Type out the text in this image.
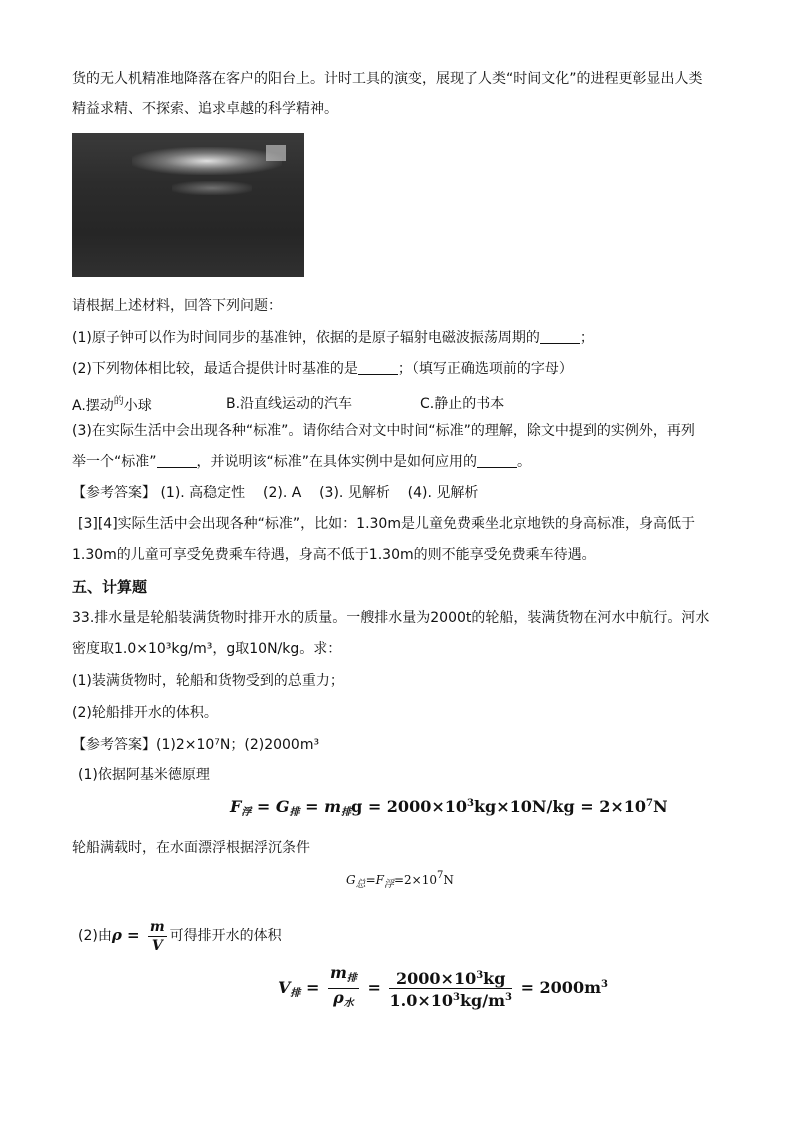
货的无人机精准地降落在客户的阳台上。计时工具的演变，展现了人类“时间文化”的进程更彰显出人类
精益求精、不探索、追求卓越的科学精神。
请根据上述材料，回答下列问题：
(1)原子钟可以作为时间同步的基准钟，依据的是原子辐射电磁波振荡周期的	；
(2)下列物体相比较，最适合提供计时基准的是	；（填写正确选项前的字母）
A.摆动$^的$小球	B.沿直线运动的汽车	C.静止的书本
(3)在实际生活中会出现各种“标准”。请你结合对文中时间“标准”的理解，除文中提到的实例外，再列
举一个“标准”	，并说明该“标准”在具体实例中是如何应用的	。
【参考答案】 (1). 高稳定性    (2). A    (3). 见解析    (4). 见解析
[3][4]实际生活中会出现各种“标准”，比如：1.30m是儿童免费乘坐北京地铁的身高标准，身高低于
1.30m的儿童可享受免费乘车待遇，身高不低于1.30m的则不能享受免费乘车待遇。
五、计算题
33.排水量是轮船装满货物时排开水的质量。一艘排水量为2000t的轮船，装满货物在河水中航行。河水
密度取1.0×10³kg/m³，g取10N/kg。求：
(1)装满货物时，轮船和货物受到的总重力；
(2)轮船排开水的体积。
【参考答案】(1)2×10⁷N；(2)2000m³
(1)依据阿基米德原理
$F_浮 = G_排 = m_排g = 2000\times 10^3kg\times 10N/kg = 2\times 10^7N$
轮船满载时，在水面漂浮根据浮沉条件
$G_总=F_浮=2\times 10^7N$
(2)由$\rho = \frac{m}{V}$ 可得排开水的体积
$V_排 = \frac{m_排}{\rho_水} = \frac{2000\times 10^3kg}{1.0\times 10^3kg/m^3} = 2000m^3$
